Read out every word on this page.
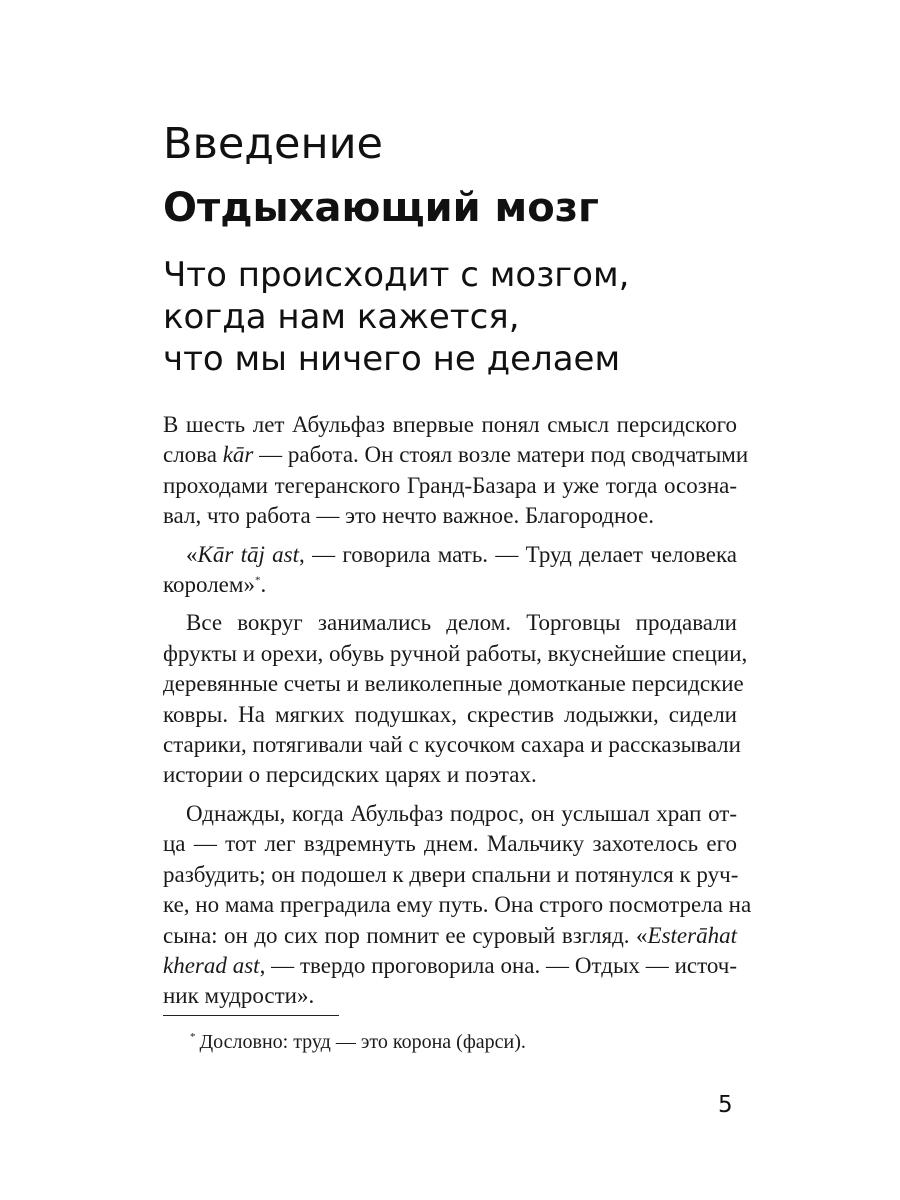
Введение
Отдыхающий мозг
Что происходит с мозгом,
когда нам кажется,
что мы ничего не делаем
В шесть лет Абульфаз впервые понял смысл персидского
слова kār — работа. Он стоял возле матери под сводчатыми
проходами тегеранского Гранд-Базара и уже тогда осозна-
вал, что работа — это нечто важное. Благородное.
«Kār tāj ast, — говорила мать. — Труд делает человека
королем»*.
Все вокруг занимались делом. Торговцы продавали
фрукты и орехи, обувь ручной работы, вкуснейшие специи,
деревянные счеты и великолепные домотканые персидские
ковры. На мягких подушках, скрестив лодыжки, сидели
старики, потягивали чай с кусочком сахара и рассказывали
истории о персидских царях и поэтах.
Однажды, когда Абульфаз подрос, он услышал храп от-
ца — тот лег вздремнуть днем. Мальчику захотелось его
разбудить; он подошел к двери спальни и потянулся к руч-
ке, но мама преградила ему путь. Она строго посмотрела на
сына: он до сих пор помнит ее суровый взгляд. «Esterāhat
kherad ast, — твердо проговорила она. — Отдых — источ-
ник мудрости».
* Дословно: труд — это корона (фарси).
5
